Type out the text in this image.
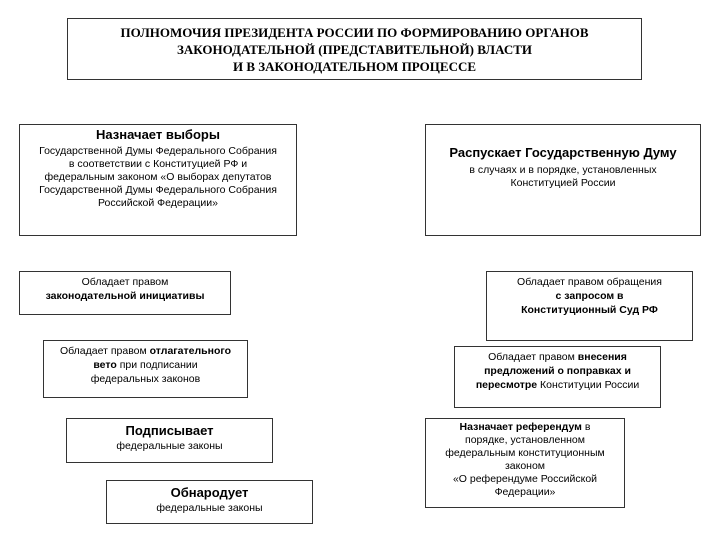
ПОЛНОМОЧИЯ ПРЕЗИДЕНТА РОССИИ ПО ФОРМИРОВАНИЮ ОРГАНОВ
ЗАКОНОДАТЕЛЬНОЙ (ПРЕДСТАВИТЕЛЬНОЙ) ВЛАСТИ
И В ЗАКОНОДАТЕЛЬНОМ ПРОЦЕССЕ
Назначает выборы
Государственной Думы Федерального Собрания
в соответствии с Конституцией РФ и
федеральным законом «О выборах депутатов
Государственной Думы Федерального Собрания
Российской Федерации»
Обладает правом
законодательной инициативы
Обладает правом отлагательного
вето при подписании
федеральных законов
Подписывает
федеральные законы
Обнародует
федеральные законы
Распускает Государственную Думу
в случаях и в порядке, установленных
Конституцией России
Обладает правом обращения
с запросом в
Конституционный Суд РФ
Обладает правом внесения
предложений о поправках и
пересмотре Конституции России
Назначает референдум в
порядке, установленном
федеральным конституционным
законом
«О референдуме Российской
Федерации»
